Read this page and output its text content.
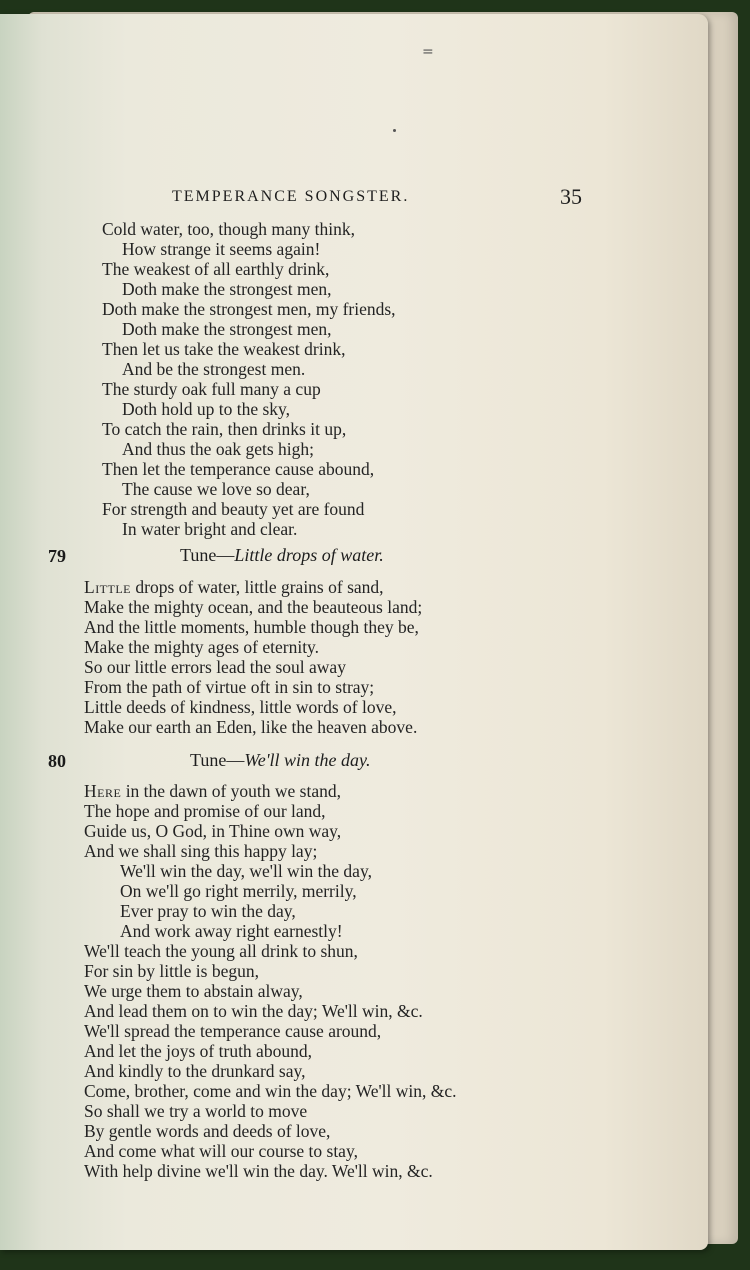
=
TEMPERANCE SONGSTER.	35
Cold water, too, though many think,
How strange it seems again!
The weakest of all earthly drink,
Doth make the strongest men,
Doth make the strongest men, my friends,
Doth make the strongest men,
Then let us take the weakest drink,
And be the strongest men.
The sturdy oak full many a cup
Doth hold up to the sky,
To catch the rain, then drinks it up,
And thus the oak gets high;
Then let the temperance cause abound,
The cause we love so dear,
For strength and beauty yet are found
In water bright and clear.
79	Tune—Little drops of water.
Little drops of water, little grains of sand,
Make the mighty ocean, and the beauteous land;
And the little moments, humble though they be,
Make the mighty ages of eternity.
So our little errors lead the soul away
From the path of virtue oft in sin to stray;
Little deeds of kindness, little words of love,
Make our earth an Eden, like the heaven above.
80	Tune—We'll win the day.
Here in the dawn of youth we stand,
The hope and promise of our land,
Guide us, O God, in Thine own way,
And we shall sing this happy lay;
We'll win the day, we'll win the day,
On we'll go right merrily, merrily,
Ever pray to win the day,
And work away right earnestly!
We'll teach the young all drink to shun,
For sin by little is begun,
We urge them to abstain alway,
And lead them on to win the day; We'll win, &c.
We'll spread the temperance cause around,
And let the joys of truth abound,
And kindly to the drunkard say,
Come, brother, come and win the day; We'll win, &c.
So shall we try a world to move
By gentle words and deeds of love,
And come what will our course to stay,
With help divine we'll win the day. We'll win, &c.
